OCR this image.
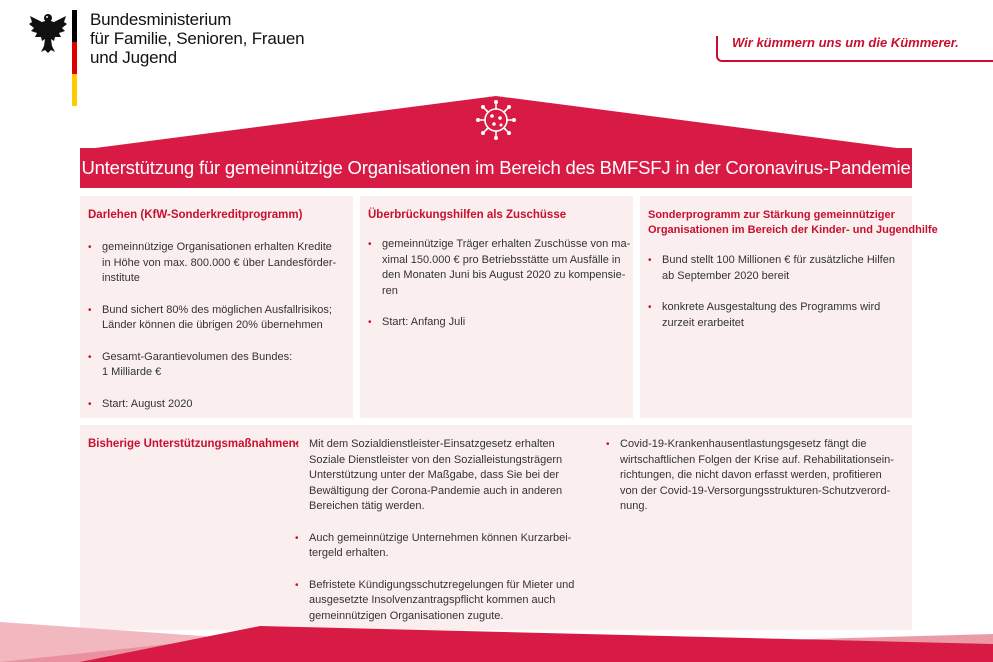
Bundesministerium
für Familie, Senioren, Frauen
und Jugend
Wir kümmern uns um die Kümmerer.
Unterstützung für gemeinnützige Organisationen im Bereich des BMFSFJ in der Coronavirus-Pandemie
Darlehen (KfW-Sonderkreditprogramm)
• gemeinnützige Organisationen erhalten Kredite
in Höhe von max. 800.000 € über Landesförder-
institute
• Bund sichert 80% des möglichen Ausfallrisikos;
Länder können die übrigen 20% übernehmen
• Gesamt-Garantievolumen des Bundes:
1 Milliarde €
• Start: August 2020
Überbrückungshilfen als Zuschüsse
• gemeinnützige Träger erhalten Zuschüsse von ma-
ximal 150.000 € pro Betriebsstätte um Ausfälle in
den Monaten Juni bis August 2020 zu kompensie-
ren
• Start: Anfang Juli
Sonderprogramm zur Stärkung gemeinnütziger
Organisationen im Bereich der Kinder- und Jugendhilfe
• Bund stellt 100 Millionen € für zusätzliche Hilfen
ab September 2020 bereit
• konkrete Ausgestaltung des Programms wird
zurzeit erarbeitet
Bisherige Unterstützungsmaßnahmen:
• Mit dem Sozialdienstleister-Einsatzgesetz erhalten
Soziale Dienstleister von den Sozialleistungsträgern
Unterstützung unter der Maßgabe, dass Sie bei der
Bewältigung der Corona-Pandemie auch in anderen
Bereichen tätig werden.
• Auch gemeinnützige Unternehmen können Kurzarbei-
tergeld erhalten.
• Befristete Kündigungsschutzregelungen für Mieter und
ausgesetzte Insolvenzantragspflicht kommen auch
gemeinnützigen Organisationen zugute.
• Covid-19-Krankenhausentlastungsgesetz fängt die
wirtschaftlichen Folgen der Krise auf. Rehabilitationsein-
richtungen, die nicht davon erfasst werden, profitieren
von der Covid-19-Versorgungsstrukturen-Schutzverord-
nung.
